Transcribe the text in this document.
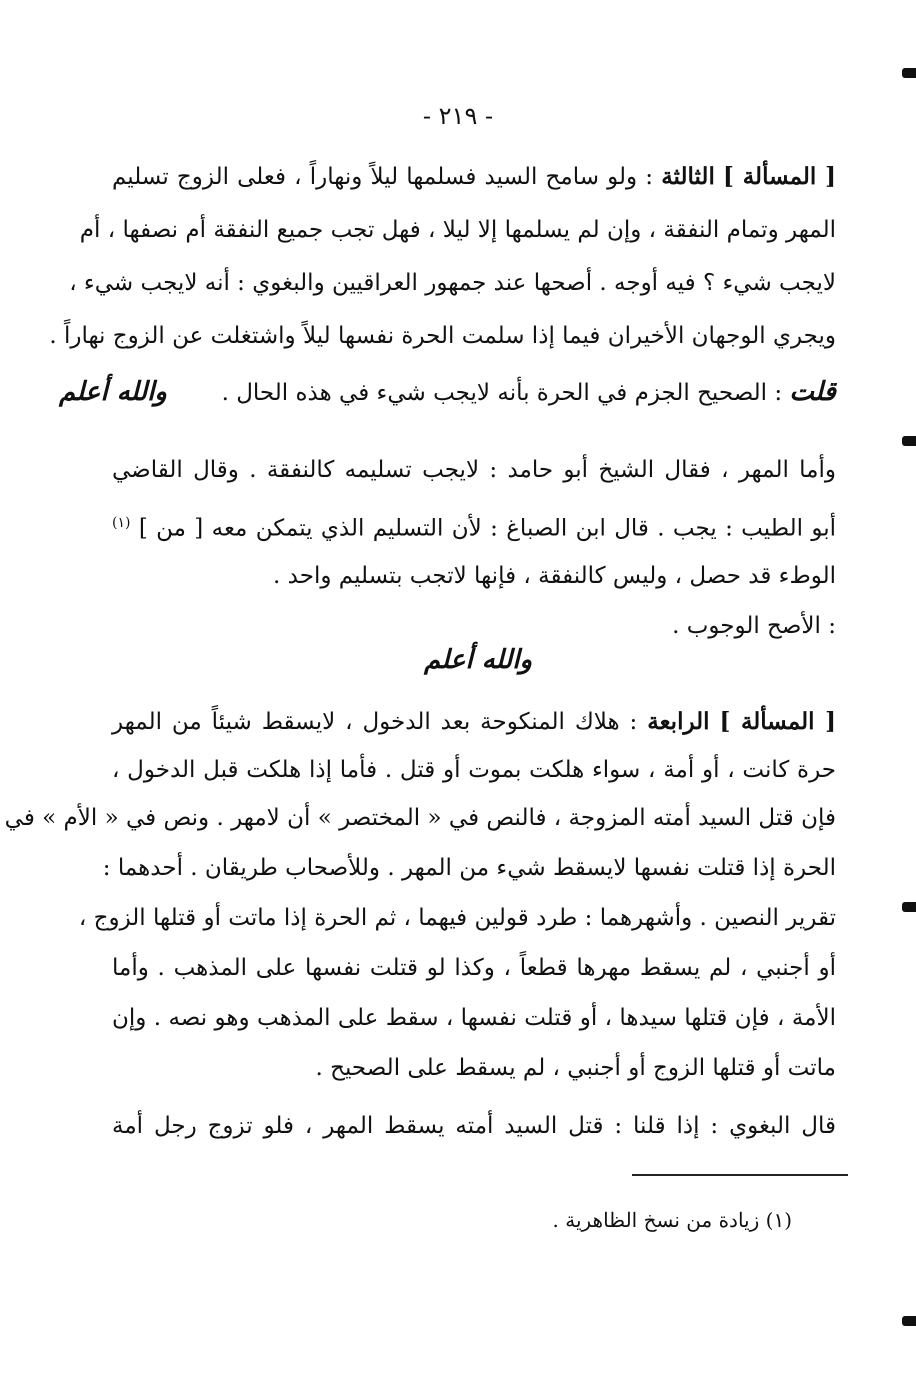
- ٢١٩ -
[ المسألة ] الثالثة : ولو سامح السيد فسلمها ليلاً ونهاراً ، فعلى الزوج تسليم
المهر وتمام النفقة ، وإن لم يسلمها إلا ليلا ، فهل تجب جميع النفقة أم نصفها ، أم
لايجب شيء ؟ فيه أوجه . أصحها عند جمهور العراقيين والبغوي : أنه لايجب شيء ،
ويجري الوجهان الأخيران فيما إذا سلمت الحرة نفسها ليلاً واشتغلت عن الزوج نهاراً .
قلت : الصحيح الجزم في الحرة بأنه لايجب شيء في هذه الحال .  والله أعلم
وأما المهر ، فقال الشيخ أبو حامد : لايجب تسليمه كالنفقة . وقال القاضي
أبو الطيب : يجب . قال ابن الصباغ : لأن التسليم الذي يتمكن معه [ من ] $^{(١)}$
الوطء قد حصل ، وليس كالنفقة ، فإنها لاتجب بتسليم واحد .
: الأصح الوجوب .
والله أعلم
[ المسألة ] الرابعة : هلاك المنكوحة بعد الدخول ، لايسقط شيئاً من المهر
حرة كانت ، أو أمة ، سواء هلكت بموت أو قتل . فأما إذا هلكت قبل الدخول ،
فإن قتل السيد أمته المزوجة ، فالنص في « المختصر » أن لامهر . ونص في « الأم » في
الحرة إذا قتلت نفسها لايسقط شيء من المهر . وللأصحاب طريقان . أحدهما :
تقرير النصين . وأشهرهما : طرد قولين فيهما ، ثم الحرة إذا ماتت أو قتلها الزوج ،
أو أجنبي ، لم يسقط مهرها قطعاً ، وكذا لو قتلت نفسها على المذهب . وأما
الأمة ، فإن قتلها سيدها ، أو قتلت نفسها ، سقط على المذهب وهو نصه . وإن
ماتت أو قتلها الزوج أو أجنبي ، لم يسقط على الصحيح .
قال البغوي : إذا قلنا : قتل السيد أمته يسقط المهر ، فلو تزوج رجل أمة
(١) زيادة من نسخ الظاهرية .
